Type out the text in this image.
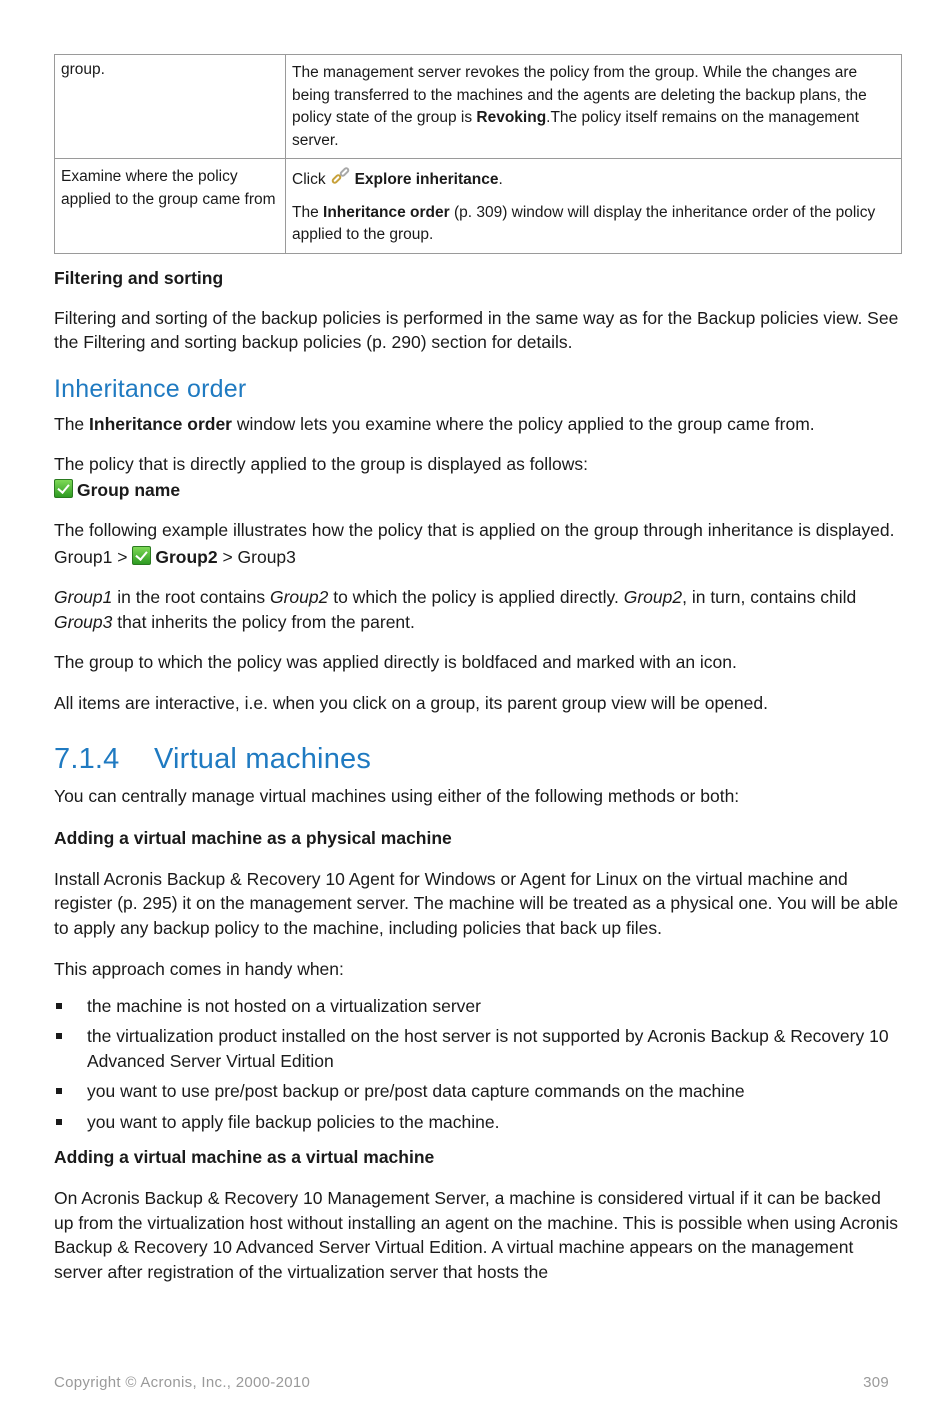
group.	The management server revokes the policy from the group. While the changes are being transferred to the machines and the agents are deleting the backup plans, the policy state of the group is Revoking.The policy itself remains on the management server.

Examine where the policy applied to the group came from	Click Explore inheritance.

The Inheritance order (p. 309) window will display the inheritance order of the policy applied to the group.

Filtering and sorting

Filtering and sorting of the backup policies is performed in the same way as for the Backup policies view. See the Filtering and sorting backup policies (p. 290) section for details.

Inheritance order

The Inheritance order window lets you examine where the policy applied to the group came from.

The policy that is directly applied to the group is displayed as follows:

Group name

The following example illustrates how the policy that is applied on the group through inheritance is displayed.

Group1 > Group2 > Group3

Group1 in the root contains Group2 to which the policy is applied directly. Group2, in turn, contains child Group3 that inherits the policy from the parent.

The group to which the policy was applied directly is boldfaced and marked with an icon.

All items are interactive, i.e. when you click on a group, its parent group view will be opened.

7.1.4 Virtual machines

You can centrally manage virtual machines using either of the following methods or both:

Adding a virtual machine as a physical machine

Install Acronis Backup & Recovery 10 Agent for Windows or Agent for Linux on the virtual machine and register (p. 295) it on the management server. The machine will be treated as a physical one. You will be able to apply any backup policy to the machine, including policies that back up files.

This approach comes in handy when:

the machine is not hosted on a virtualization server
the virtualization product installed on the host server is not supported by Acronis Backup & Recovery 10 Advanced Server Virtual Edition
you want to use pre/post backup or pre/post data capture commands on the machine
you want to apply file backup policies to the machine.

Adding a virtual machine as a virtual machine

On Acronis Backup & Recovery 10 Management Server, a machine is considered virtual if it can be backed up from the virtualization host without installing an agent on the machine. This is possible when using Acronis Backup & Recovery 10 Advanced Server Virtual Edition. A virtual machine appears on the management server after registration of the virtualization server that hosts the

Copyright © Acronis, Inc., 2000-2010	309
